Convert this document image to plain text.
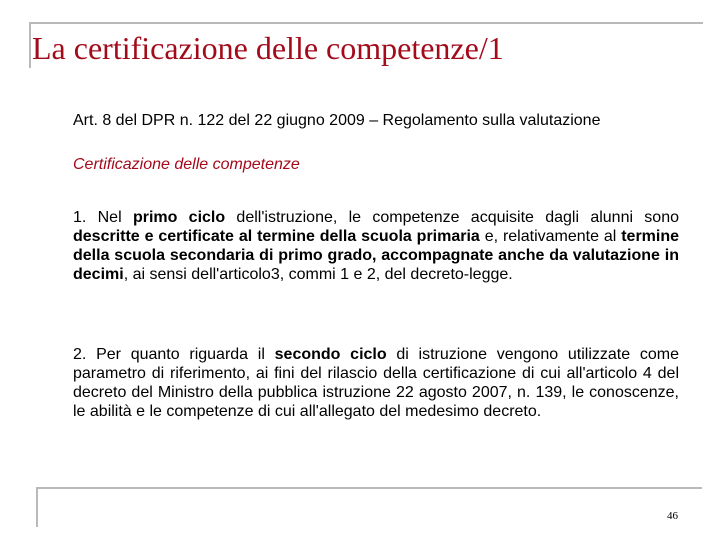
La certificazione delle competenze/1
Art. 8 del DPR n. 122 del 22 giugno 2009 – Regolamento sulla valutazione
Certificazione delle competenze

1. Nel primo ciclo dell'istruzione, le competenze acquisite dagli alunni sono descritte e certificate al termine della scuola primaria e, relativamente al termine della scuola secondaria di primo grado, accompagnate anche da valutazione in decimi, ai sensi dell'articolo3, commi 1 e 2, del decreto-legge.

2. Per quanto riguarda il secondo ciclo di istruzione vengono utilizzate come parametro di riferimento, ai fini del rilascio della certificazione di cui all'articolo 4 del decreto del Ministro della pubblica istruzione 22 agosto 2007, n. 139, le conoscenze, le abilità e le competenze di cui all'allegato del medesimo decreto.

46
